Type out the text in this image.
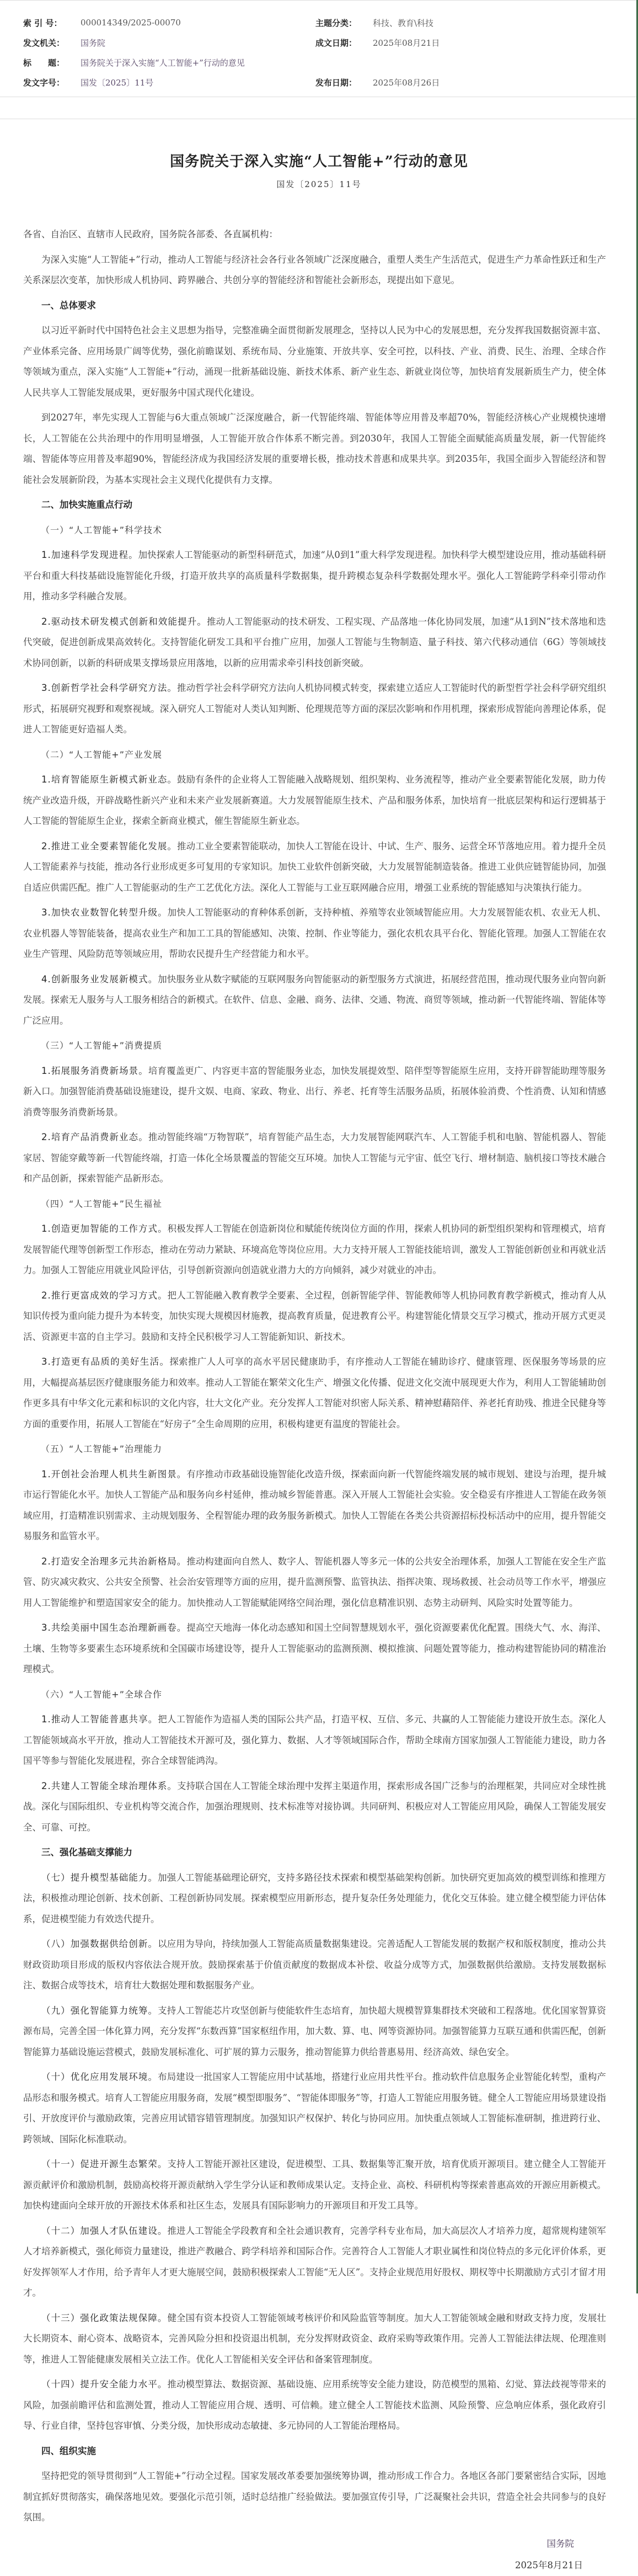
索 引 号：	000014349/2025-00070	主题分类：	科技、教育\科技
发文机关：	国务院	成文日期：	2025年08月21日
标　　题：	国务院关于深入实施“人工智能+”行动的意见
发文字号：	国发〔2025〕11号	发布日期：	2025年08月26日
国务院关于深入实施“人工智能+”行动的意见
国发〔2025〕11号

各省、自治区、直辖市人民政府，国务院各部委、各直属机构：

为深入实施“人工智能+”行动，推动人工智能与经济社会各行业各领域广泛深度融合，重塑人类生产生活范式，促进生产力革命性跃迁和生产关系深层次变革，加快形成人机协同、跨界融合、共创分享的智能经济和智能社会新形态，现提出如下意见。

一、总体要求

以习近平新时代中国特色社会主义思想为指导，完整准确全面贯彻新发展理念，坚持以人民为中心的发展思想，充分发挥我国数据资源丰富、产业体系完备、应用场景广阔等优势，强化前瞻谋划、系统布局、分业施策、开放共享、安全可控，以科技、产业、消费、民生、治理、全球合作等领域为重点，深入实施“人工智能+”行动，涌现一批新基础设施、新技术体系、新产业生态、新就业岗位等，加快培育发展新质生产力，使全体人民共享人工智能发展成果，更好服务中国式现代化建设。

到2027年，率先实现人工智能与6大重点领域广泛深度融合，新一代智能终端、智能体等应用普及率超70%，智能经济核心产业规模快速增长，人工智能在公共治理中的作用明显增强，人工智能开放合作体系不断完善。到2030年，我国人工智能全面赋能高质量发展，新一代智能终端、智能体等应用普及率超90%，智能经济成为我国经济发展的重要增长极，推动技术普惠和成果共享。到2035年，我国全面步入智能经济和智能社会发展新阶段，为基本实现社会主义现代化提供有力支撑。

二、加快实施重点行动
（一）“人工智能+”科学技术

1.加速科学发现进程。加快探索人工智能驱动的新型科研范式，加速“从0到1”重大科学发现进程。加快科学大模型建设应用，推动基础科研平台和重大科技基础设施智能化升级，打造开放共享的高质量科学数据集，提升跨模态复杂科学数据处理水平。强化人工智能跨学科牵引带动作用，推动多学科融合发展。

2.驱动技术研发模式创新和效能提升。推动人工智能驱动的技术研发、工程实现、产品落地一体化协同发展，加速“从1到N”技术落地和迭代突破，促进创新成果高效转化。支持智能化研发工具和平台推广应用，加强人工智能与生物制造、量子科技、第六代移动通信（6G）等领域技术协同创新，以新的科研成果支撑场景应用落地，以新的应用需求牵引科技创新突破。

3.创新哲学社会科学研究方法。推动哲学社会科学研究方法向人机协同模式转变，探索建立适应人工智能时代的新型哲学社会科学研究组织形式，拓展研究视野和观察视域。深入研究人工智能对人类认知判断、伦理规范等方面的深层次影响和作用机理，探索形成智能向善理论体系，促进人工智能更好造福人类。

（二）“人工智能+”产业发展

1.培育智能原生新模式新业态。鼓励有条件的企业将人工智能融入战略规划、组织架构、业务流程等，推动产业全要素智能化发展，助力传统产业改造升级，开辟战略性新兴产业和未来产业发展新赛道。大力发展智能原生技术、产品和服务体系，加快培育一批底层架构和运行逻辑基于人工智能的智能原生企业，探索全新商业模式，催生智能原生新业态。

2.推进工业全要素智能化发展。推动工业全要素智能联动，加快人工智能在设计、中试、生产、服务、运营全环节落地应用。着力提升全员人工智能素养与技能，推动各行业形成更多可复用的专家知识。加快工业软件创新突破，大力发展智能制造装备。推进工业供应链智能协同，加强自适应供需匹配。推广人工智能驱动的生产工艺优化方法。深化人工智能与工业互联网融合应用，增强工业系统的智能感知与决策执行能力。

3.加快农业数智化转型升级。加快人工智能驱动的育种体系创新，支持种植、养殖等农业领域智能应用。大力发展智能农机、农业无人机、农业机器人等智能装备，提高农业生产和加工工具的智能感知、决策、控制、作业等能力，强化农机农具平台化、智能化管理。加强人工智能在农业生产管理、风险防范等领域应用，帮助农民提升生产经营能力和水平。

4.创新服务业发展新模式。加快服务业从数字赋能的互联网服务向智能驱动的新型服务方式演进，拓展经营范围，推动现代服务业向智向新发展。探索无人服务与人工服务相结合的新模式。在软件、信息、金融、商务、法律、交通、物流、商贸等领域，推动新一代智能终端、智能体等广泛应用。

（三）“人工智能+”消费提质

1.拓展服务消费新场景。培育覆盖更广、内容更丰富的智能服务业态，加快发展提效型、陪伴型等智能原生应用，支持开辟智能助理等服务新入口。加强智能消费基础设施建设，提升文娱、电商、家政、物业、出行、养老、托育等生活服务品质，拓展体验消费、个性消费、认知和情感消费等服务消费新场景。

2.培育产品消费新业态。推动智能终端“万物智联”，培育智能产品生态，大力发展智能网联汽车、人工智能手机和电脑、智能机器人、智能家居、智能穿戴等新一代智能终端，打造一体化全场景覆盖的智能交互环境。加快人工智能与元宇宙、低空飞行、增材制造、脑机接口等技术融合和产品创新，探索智能产品新形态。

（四）“人工智能+”民生福祉

1.创造更加智能的工作方式。积极发挥人工智能在创造新岗位和赋能传统岗位方面的作用，探索人机协同的新型组织架构和管理模式，培育发展智能代理等创新型工作形态，推动在劳动力紧缺、环境高危等岗位应用。大力支持开展人工智能技能培训，激发人工智能创新创业和再就业活力。加强人工智能应用就业风险评估，引导创新资源向创造就业潜力大的方向倾斜，减少对就业的冲击。

2.推行更富成效的学习方式。把人工智能融入教育教学全要素、全过程，创新智能学伴、智能教师等人机协同教育教学新模式，推动育人从知识传授为重向能力提升为本转变，加快实现大规模因材施教，提高教育质量，促进教育公平。构建智能化情景交互学习模式，推动开展方式更灵活、资源更丰富的自主学习。鼓励和支持全民积极学习人工智能新知识、新技术。

3.打造更有品质的美好生活。探索推广人人可享的高水平居民健康助手，有序推动人工智能在辅助诊疗、健康管理、医保服务等场景的应用，大幅提高基层医疗健康服务能力和效率。推动人工智能在繁荣文化生产、增强文化传播、促进文化交流中展现更大作为，利用人工智能辅助创作更多具有中华文化元素和标识的文化内容，壮大文化产业。充分发挥人工智能对织密人际关系、精神慰藉陪伴、养老托育助残、推进全民健身等方面的重要作用，拓展人工智能在“好房子”全生命周期的应用，积极构建更有温度的智能社会。

（五）“人工智能+”治理能力

1.开创社会治理人机共生新图景。有序推动市政基础设施智能化改造升级，探索面向新一代智能终端发展的城市规划、建设与治理，提升城市运行智能化水平。加快人工智能产品和服务向乡村延伸，推动城乡智能普惠。深入开展人工智能社会实验。安全稳妥有序推进人工智能在政务领域应用，打造精准识别需求、主动规划服务、全程智能办理的政务服务新模式。加快人工智能在各类公共资源招标投标活动中的应用，提升智能交易服务和监管水平。

2.打造安全治理多元共治新格局。推动构建面向自然人、数字人、智能机器人等多元一体的公共安全治理体系，加强人工智能在安全生产监管、防灾减灾救灾、公共安全预警、社会治安管理等方面的应用，提升监测预警、监管执法、指挥决策、现场救援、社会动员等工作水平，增强应用人工智能维护和塑造国家安全的能力。加快推动人工智能赋能网络空间治理，强化信息精准识别、态势主动研判、风险实时处置等能力。

3.共绘美丽中国生态治理新画卷。提高空天地海一体化动态感知和国土空间智慧规划水平，强化资源要素优化配置。围绕大气、水、海洋、土壤、生物等多要素生态环境系统和全国碳市场建设等，提升人工智能驱动的监测预测、模拟推演、问题处置等能力，推动构建智能协同的精准治理模式。

（六）“人工智能+”全球合作

1.推动人工智能普惠共享。把人工智能作为造福人类的国际公共产品，打造平权、互信、多元、共赢的人工智能能力建设开放生态。深化人工智能领域高水平开放，推动人工智能技术开源可及，强化算力、数据、人才等领域国际合作，帮助全球南方国家加强人工智能能力建设，助力各国平等参与智能化发展进程，弥合全球智能鸿沟。

2.共建人工智能全球治理体系。支持联合国在人工智能全球治理中发挥主渠道作用，探索形成各国广泛参与的治理框架，共同应对全球性挑战。深化与国际组织、专业机构等交流合作，加强治理规则、技术标准等对接协调。共同研判、积极应对人工智能应用风险，确保人工智能发展安全、可靠、可控。

三、强化基础支撑能力

（七）提升模型基础能力。加强人工智能基础理论研究，支持多路径技术探索和模型基础架构创新。加快研究更加高效的模型训练和推理方法，积极推动理论创新、技术创新、工程创新协同发展。探索模型应用新形态，提升复杂任务处理能力，优化交互体验。建立健全模型能力评估体系，促进模型能力有效迭代提升。

（八）加强数据供给创新。以应用为导向，持续加强人工智能高质量数据集建设。完善适配人工智能发展的数据产权和版权制度，推动公共财政资助项目形成的版权内容依法合规开放。鼓励探索基于价值贡献度的数据成本补偿、收益分成等方式，加强数据供给激励。支持发展数据标注、数据合成等技术，培育壮大数据处理和数据服务产业。

（九）强化智能算力统筹。支持人工智能芯片攻坚创新与使能软件生态培育，加快超大规模智算集群技术突破和工程落地。优化国家智算资源布局，完善全国一体化算力网，充分发挥“东数西算”国家枢纽作用，加大数、算、电、网等资源协同。加强智能算力互联互通和供需匹配，创新智能算力基础设施运营模式，鼓励发展标准化、可扩展的算力云服务，推动智能算力供给普惠易用、经济高效、绿色安全。

（十）优化应用发展环境。布局建设一批国家人工智能应用中试基地，搭建行业应用共性平台。推动软件信息服务企业智能化转型，重构产品形态和服务模式。培育人工智能应用服务商，发展“模型即服务”、“智能体即服务”等，打造人工智能应用服务链。健全人工智能应用场景建设指引、开放度评价与激励政策，完善应用试错容错管理制度。加强知识产权保护、转化与协同应用。加快重点领域人工智能标准研制，推进跨行业、跨领域、国际化标准联动。

（十一）促进开源生态繁荣。支持人工智能开源社区建设，促进模型、工具、数据集等汇聚开放，培育优质开源项目。建立健全人工智能开源贡献评价和激励机制，鼓励高校将开源贡献纳入学生学分认证和教师成果认定。支持企业、高校、科研机构等探索普惠高效的开源应用新模式。加快构建面向全球开放的开源技术体系和社区生态，发展具有国际影响力的开源项目和开发工具等。

（十二）加强人才队伍建设。推进人工智能全学段教育和全社会通识教育，完善学科专业布局，加大高层次人才培养力度，超常规构建领军人才培养新模式，强化师资力量建设，推进产教融合、跨学科培养和国际合作。完善符合人工智能人才职业属性和岗位特点的多元化评价体系，更好发挥领军人才作用，给予青年人才更大施展空间，鼓励积极探索人工智能“无人区”。支持企业规范用好股权、期权等中长期激励方式引才留才用才。

（十三）强化政策法规保障。健全国有资本投资人工智能领域考核评价和风险监管等制度。加大人工智能领域金融和财政支持力度，发展壮大长期资本、耐心资本、战略资本，完善风险分担和投资退出机制，充分发挥财政资金、政府采购等政策作用。完善人工智能法律法规、伦理准则等，推进人工智能健康发展相关立法工作。优化人工智能相关安全评估和备案管理制度。

（十四）提升安全能力水平。推动模型算法、数据资源、基础设施、应用系统等安全能力建设，防范模型的黑箱、幻觉、算法歧视等带来的风险，加强前瞻评估和监测处置，推动人工智能应用合规、透明、可信赖。建立健全人工智能技术监测、风险预警、应急响应体系，强化政府引导、行业自律，坚持包容审慎、分类分级，加快形成动态敏捷、多元协同的人工智能治理格局。

四、组织实施

坚持把党的领导贯彻到“人工智能+”行动全过程。国家发展改革委要加强统筹协调，推动形成工作合力。各地区各部门要紧密结合实际，因地制宜抓好贯彻落实，确保落地见效。要强化示范引领，适时总结推广经验做法。要加强宣传引导，广泛凝聚社会共识，营造全社会共同参与的良好氛围。

国务院
2025年8月21日
